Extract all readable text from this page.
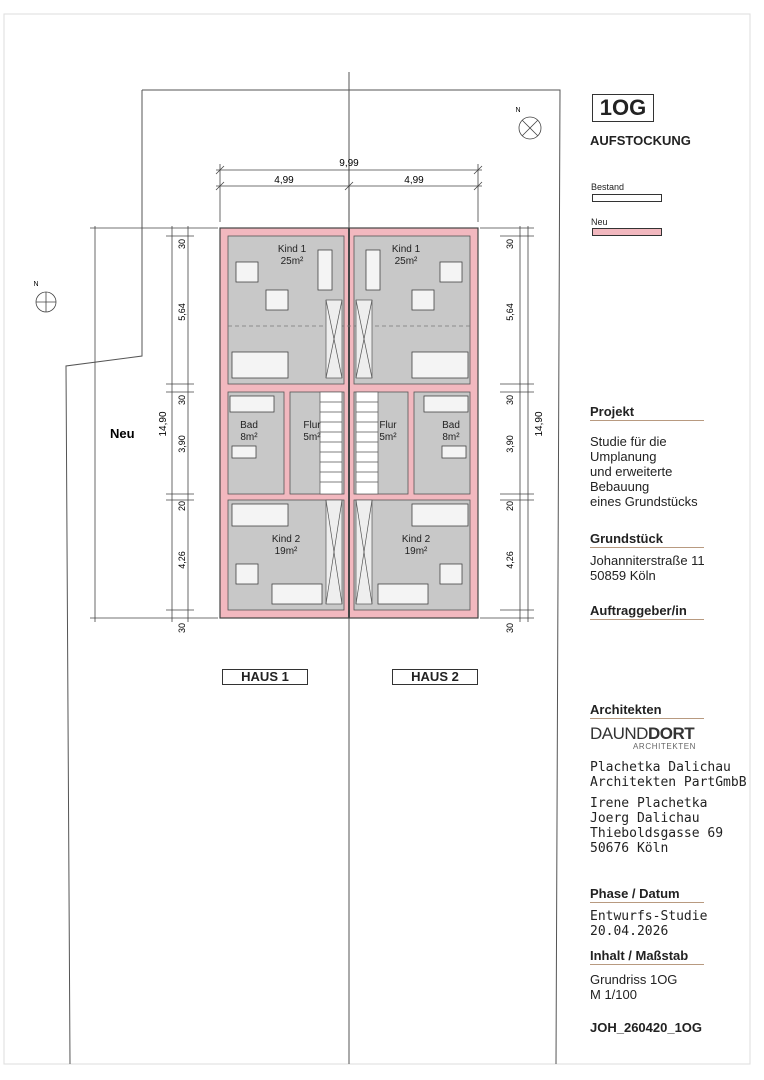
9,99
4,99	4,99
14,90	14,90
30
5,64
30
3,90
20
4,26
30
30
5,64
30
3,90
20
4,26
30
Kind 1
25m²
Kind 1
25m²
Bad
8m²
Bad
8m²
Flur
5m²
Flur
5m²
Kind 2
19m²
Kind 2
19m²
N
N
Neu
HAUS 1	HAUS 2
1OG
AUFSTOCKUNG
Bestand
Neu
Projekt
Studie für die
Umplanung
und erweiterte
Bebauung
eines Grundstücks
Grundstück
Johanniterstraße 11
50859 Köln
Auftraggeber/in
Architekten
DAUNDDORT
ARCHITEKTEN
Plachetka Dalichau
Architekten PartGmbB
Irene Plachetka
Joerg Dalichau
Thieboldsgasse 69
50676 Köln
Phase / Datum
Entwurfs-Studie
20.04.2026
Inhalt / Maßstab
Grundriss 1OG
M 1/100
JOH_260420_1OG
